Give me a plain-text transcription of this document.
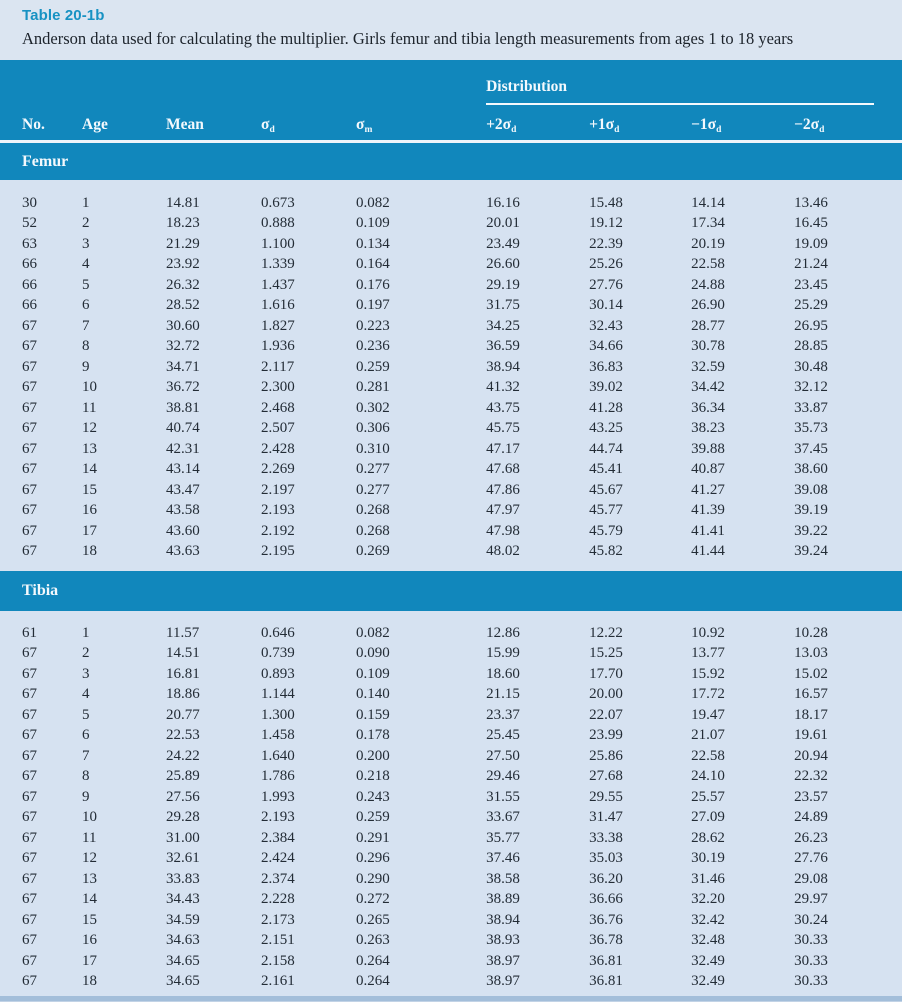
Table 20-1b
Anderson data used for calculating the multiplier. Girls femur and tibia length measurements from ages 1 to 18 years

					Distribution			

No.	Age	Mean	$\sigma_d$	$\sigma_m$	$+2\sigma_d$	$+1\sigma_d$	$-1\sigma_d$	$-2\sigma_d$

Femur								

30	1	14.81	0.673	0.082	16.16	15.48	14.14	13.46
52	2	18.23	0.888	0.109	20.01	19.12	17.34	16.45
63	3	21.29	1.100	0.134	23.49	22.39	20.19	19.09
66	4	23.92	1.339	0.164	26.60	25.26	22.58	21.24
66	5	26.32	1.437	0.176	29.19	27.76	24.88	23.45
66	6	28.52	1.616	0.197	31.75	30.14	26.90	25.29
67	7	30.60	1.827	0.223	34.25	32.43	28.77	26.95
67	8	32.72	1.936	0.236	36.59	34.66	30.78	28.85
67	9	34.71	2.117	0.259	38.94	36.83	32.59	30.48
67	10	36.72	2.300	0.281	41.32	39.02	34.42	32.12
67	11	38.81	2.468	0.302	43.75	41.28	36.34	33.87
67	12	40.74	2.507	0.306	45.75	43.25	38.23	35.73
67	13	42.31	2.428	0.310	47.17	44.74	39.88	37.45
67	14	43.14	2.269	0.277	47.68	45.41	40.87	38.60
67	15	43.47	2.197	0.277	47.86	45.67	41.27	39.08
67	16	43.58	2.193	0.268	47.97	45.77	41.39	39.19
67	17	43.60	2.192	0.268	47.98	45.79	41.41	39.22
67	18	43.63	2.195	0.269	48.02	45.82	41.44	39.24

Tibia								

61	1	11.57	0.646	0.082	12.86	12.22	10.92	10.28
67	2	14.51	0.739	0.090	15.99	15.25	13.77	13.03
67	3	16.81	0.893	0.109	18.60	17.70	15.92	15.02
67	4	18.86	1.144	0.140	21.15	20.00	17.72	16.57
67	5	20.77	1.300	0.159	23.37	22.07	19.47	18.17
67	6	22.53	1.458	0.178	25.45	23.99	21.07	19.61
67	7	24.22	1.640	0.200	27.50	25.86	22.58	20.94
67	8	25.89	1.786	0.218	29.46	27.68	24.10	22.32
67	9	27.56	1.993	0.243	31.55	29.55	25.57	23.57
67	10	29.28	2.193	0.259	33.67	31.47	27.09	24.89
67	11	31.00	2.384	0.291	35.77	33.38	28.62	26.23
67	12	32.61	2.424	0.296	37.46	35.03	30.19	27.76
67	13	33.83	2.374	0.290	38.58	36.20	31.46	29.08
67	14	34.43	2.228	0.272	38.89	36.66	32.20	29.97
67	15	34.59	2.173	0.265	38.94	36.76	32.42	30.24
67	16	34.63	2.151	0.263	38.93	36.78	32.48	30.33
67	17	34.65	2.158	0.264	38.97	36.81	32.49	30.33
67	18	34.65	2.161	0.264	38.97	36.81	32.49	30.33
